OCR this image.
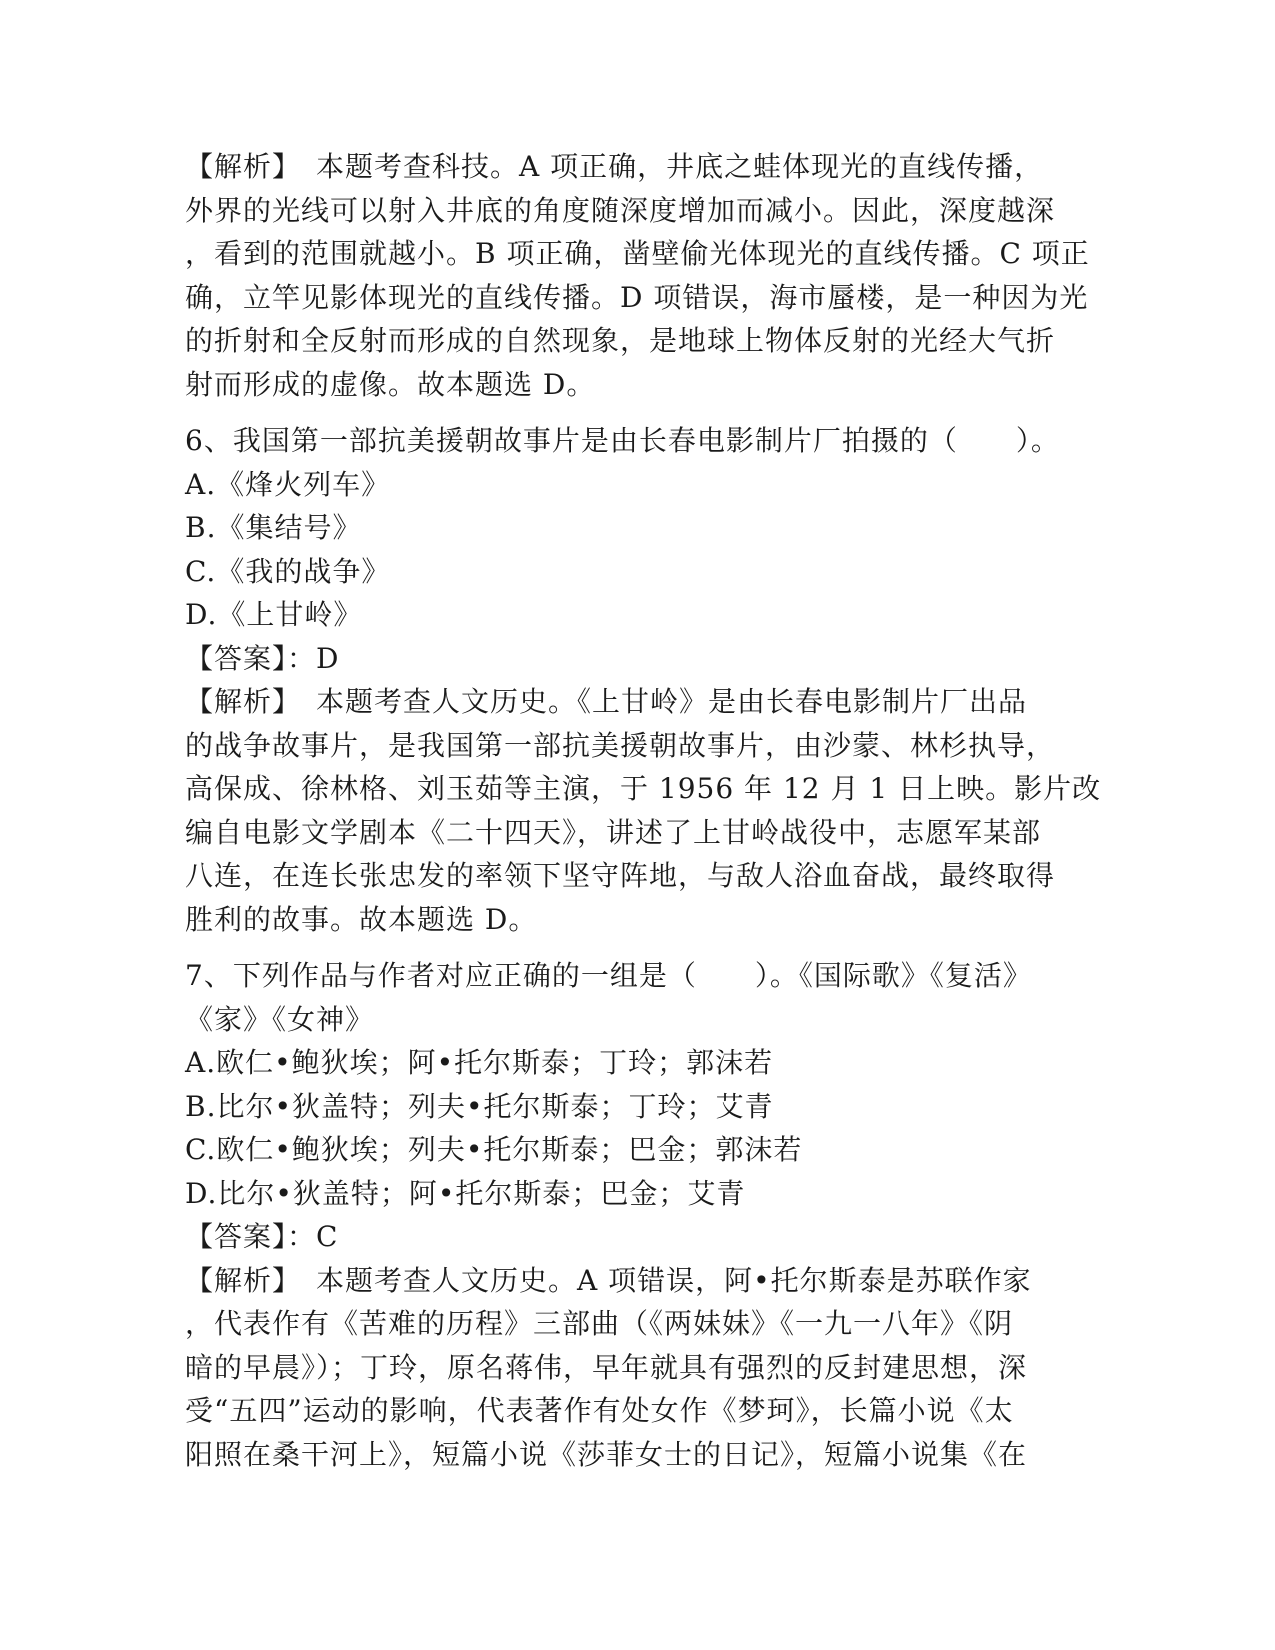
【解析】　本题考查科技。A 项正确，井底之蛙体现光的直线传播，
外界的光线可以射入井底的角度随深度增加而减小。因此，深度越深
，看到的范围就越小。B 项正确，凿壁偷光体现光的直线传播。C 项正
确，立竿见影体现光的直线传播。D 项错误，海市蜃楼，是一种因为光
的折射和全反射而形成的自然现象，是地球上物体反射的光经大气折
射而形成的虚像。故本题选 D。
6、我国第一部抗美援朝故事片是由长春电影制片厂拍摄的（　　）。
A.《烽火列车》
B.《集结号》
C.《我的战争》
D.《上甘岭》
【答案】：D
【解析】　本题考查人文历史。《上甘岭》是由长春电影制片厂出品
的战争故事片，是我国第一部抗美援朝故事片，由沙蒙、林杉执导，
高保成、徐林格、刘玉茹等主演，于 1956 年 12 月 1 日上映。影片改
编自电影文学剧本《二十四天》，讲述了上甘岭战役中，志愿军某部
八连，在连长张忠发的率领下坚守阵地，与敌人浴血奋战，最终取得
胜利的故事。故本题选 D。
7、下列作品与作者对应正确的一组是（　　）。《国际歌》《复活》
《家》《女神》
A.欧仁•鲍狄埃；阿•托尔斯泰；丁玲；郭沫若
B.比尔•狄盖特；列夫•托尔斯泰；丁玲；艾青
C.欧仁•鲍狄埃；列夫•托尔斯泰；巴金；郭沫若
D.比尔•狄盖特；阿•托尔斯泰；巴金；艾青
【答案】：C
【解析】　本题考查人文历史。A 项错误，阿•托尔斯泰是苏联作家
，代表作有《苦难的历程》三部曲（《两妹妹》《一九一八年》《阴
暗的早晨》）；丁玲，原名蒋伟，早年就具有强烈的反封建思想，深
受“五四”运动的影响，代表著作有处女作《梦珂》，长篇小说《太
阳照在桑干河上》，短篇小说《莎菲女士的日记》，短篇小说集《在
